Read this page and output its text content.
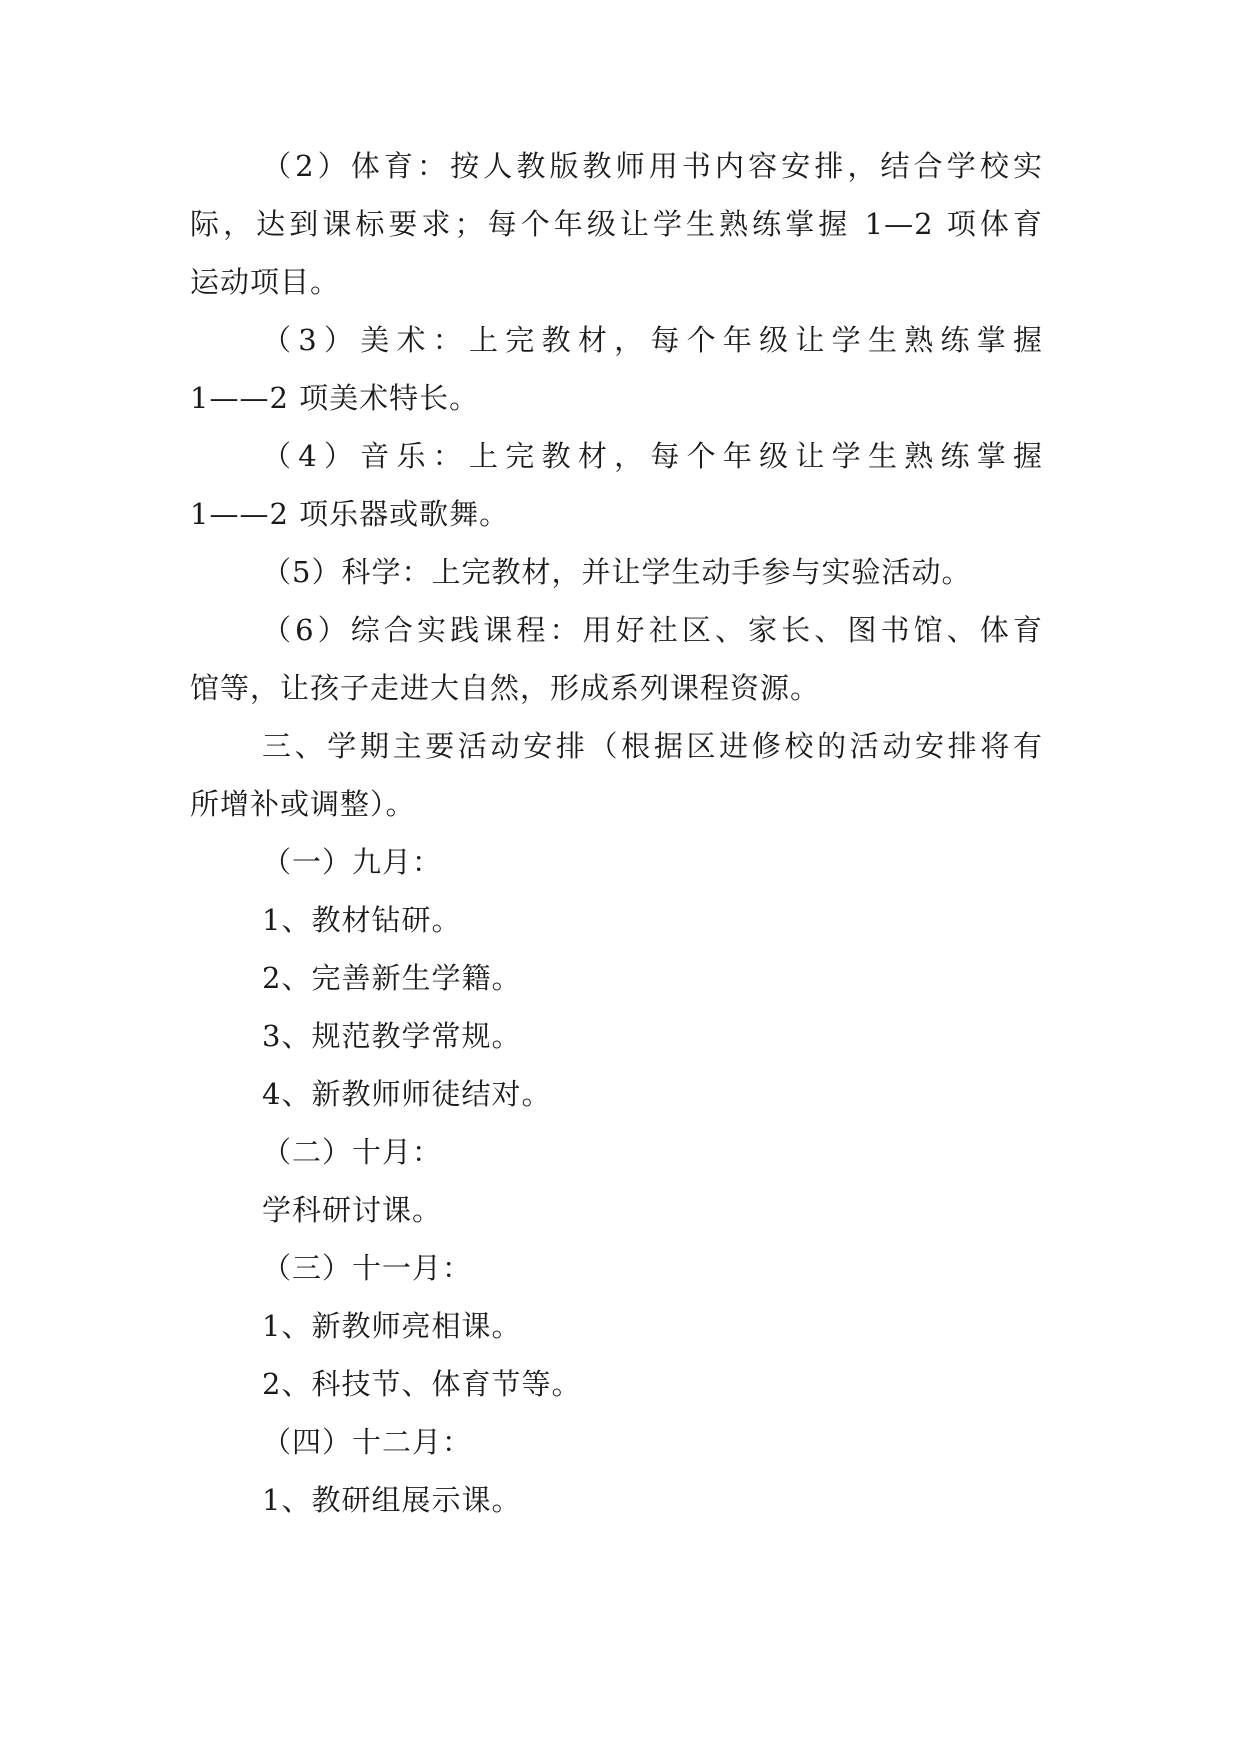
（2）体育：按人教版教师用书内容安排，结合学校实
际，达到课标要求；每个年级让学生熟练掌握 1—2 项体育
运动项目。
（3）美术：上完教材，每个年级让学生熟练掌握
1——2 项美术特长。
（4）音乐：上完教材，每个年级让学生熟练掌握
1——2 项乐器或歌舞。
（5）科学：上完教材，并让学生动手参与实验活动。
（6）综合实践课程：用好社区、家长、图书馆、体育
馆等，让孩子走进大自然，形成系列课程资源。
三、学期主要活动安排（根据区进修校的活动安排将有
所增补或调整）。
（一）九月：
1、教材钻研。
2、完善新生学籍。
3、规范教学常规。
4、新教师师徒结对。
（二）十月：
学科研讨课。
（三）十一月：
1、新教师亮相课。
2、科技节、体育节等。
（四）十二月：
1、教研组展示课。
